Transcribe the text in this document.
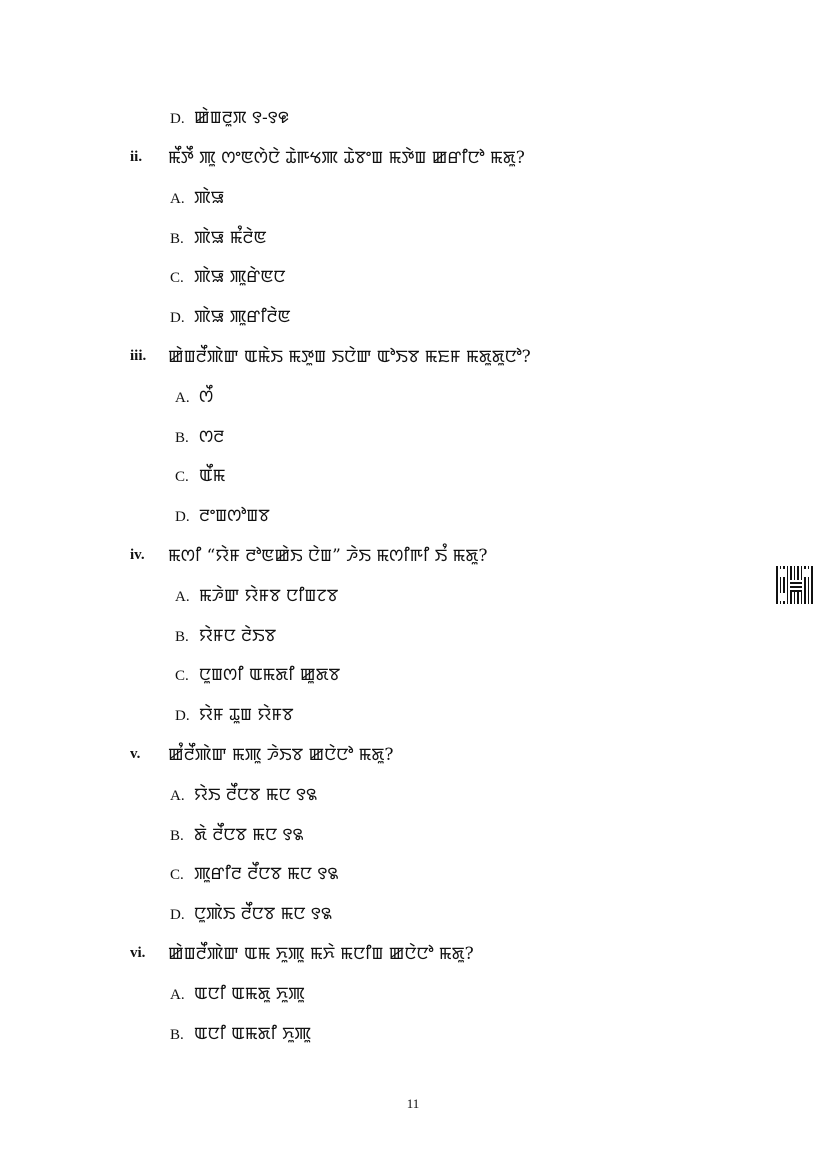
D. ꯀꯥꯡꯂꯨꯞ ꯱-꯱꯶
ii. ꯃꯩꯇꯩ ꯄꯨ ꯁꯦꯟꯁꯥꯅꯥ ꯊꯥꯒꯠꯄ ꯊꯥꯕꯦꯡ ꯃꯇꯥꯡ ꯀꯔꯤꯅꯣ ꯃꯗꯨ?
A. ꯄꯥꯎ
B. ꯄꯥꯎ ꯃꯪꯂꯥꯟ
C. ꯄꯥꯎ ꯄꯨꯔꯥꯟꯅ
D. ꯄꯥꯎ ꯄꯨꯔꯤꯂꯥꯟ
iii. ꯀꯥꯡꯂꯩꯄꯥꯛ ꯑꯃꯥꯏ ꯃꯇꯨꯡ ꯏꯅꯥꯛ ꯑꯣꯏꯕ ꯃꯐꯝ ꯃꯗꯨꯗꯨꯅꯣ?
A. ꯁꯩ
B. ꯁꯂ
C. ꯑꯩꯃ
D. ꯂꯦꯡꯁꯣꯡꯕ
iv. ꯃꯁꯤ “ꯌꯥꯝ ꯂꯣꯟꯀꯥꯏ ꯅꯥꯡ” ꯍꯥꯏ ꯃꯁꯤꯒꯤ ꯏꯪ ꯃꯗꯨ?
A. ꯃꯍꯥꯛ ꯌꯥꯝꯕ ꯅꯤꯡꯖꯕ
B. ꯌꯥꯝꯅ ꯂꯥꯏꯕ
C. ꯅꯨꯡꯁꯤ ꯑꯃꯗꯤ ꯀꯨꯗꯕ
D. ꯌꯥꯝ ꯊꯨꯡ ꯌꯥꯝꯕ
v. ꯀꯪꯂꯩꯄꯥꯛ ꯃꯄꯨ ꯍꯥꯏꯕ ꯀꯅꯥꯅꯣ ꯃꯗꯨ?
A. ꯌꯥꯏ ꯂꯩꯅꯕ ꯃꯅ ꯱꯲
B. ꯗꯥ ꯂꯩꯅꯕ ꯃꯅ ꯱꯲
C. ꯄꯨꯔꯤꯂ ꯂꯩꯅꯕ ꯃꯅ ꯱꯲
D. ꯅꯨꯄꯥꯏ ꯂꯩꯅꯕ ꯃꯅ ꯱꯲
vi. ꯀꯥꯡꯂꯩꯄꯥꯛ ꯑꯃ ꯈꯨꯄꯨ ꯃꯈꯥ ꯃꯅꯤꯡ ꯀꯅꯥꯅꯣ ꯃꯗꯨ?
A. ꯑꯅꯤ ꯑꯃꯗꯨ ꯈꯨꯄꯨ
B. ꯑꯅꯤ ꯑꯃꯗꯤ ꯈꯨꯄꯨ
11
